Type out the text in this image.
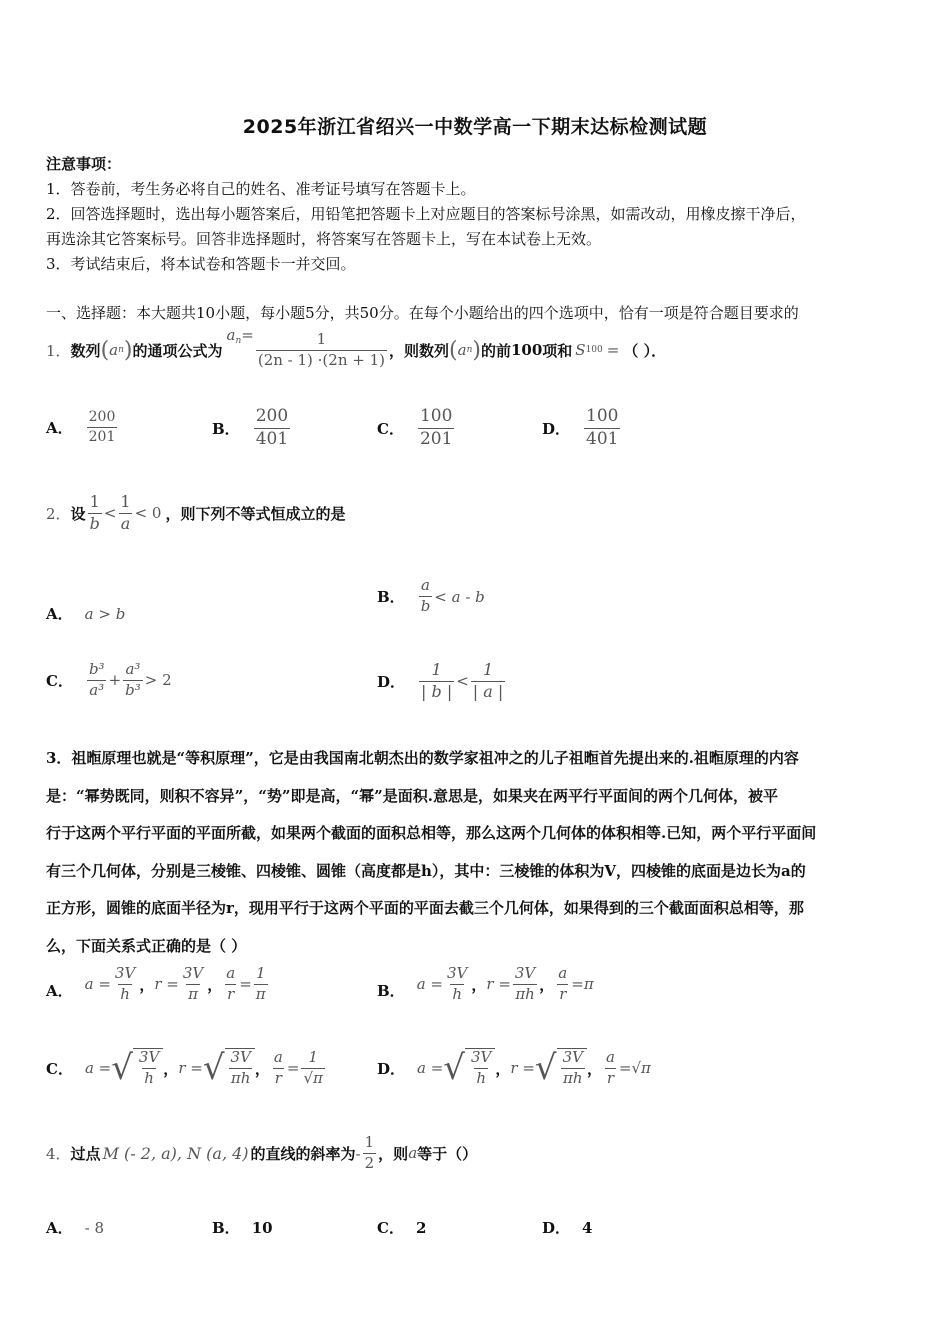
2025年浙江省绍兴一中数学高一下期末达标检测试题
注意事项：
1．答卷前，考生务必将自己的姓名、准考证号填写在答题卡上。
2．回答选择题时，选出每小题答案后，用铅笔把答题卡上对应题目的答案标号涂黑，如需改动，用橡皮擦干净后，
再选涂其它答案标号。回答非选择题时，将答案写在答题卡上，写在本试卷上无效。
3．考试结束后，将本试卷和答题卡一并交回。
一、选择题：本大题共10小题，每小题5分，共50分。在每个小题给出的四个选项中，恰有一项是符合题目要求的
1． 数列 ( a n ) 的通项公式为
$a_n = \frac{1}{(2n - 1) \cdot(2n + 1)}$ ，则数列 ( a n ) 的前 100 项和 S 100 = （ ）．
A． $\frac{200}{201}$	B． $\frac{200}{401}$	C． $\frac{100}{201}$	D． $\frac{100}{401}$
2． 设 $\frac{1}{b} < \frac{1}{a} < 0$ ，则下列不等式恒成立的是
A． a > b
B． $\frac{a}{b} < a - b$
C． $\frac{\text{b³}}{\text{a³}} + \frac{\text{a³}}{\text{b³}} > 2$	D． $\frac{1}{| b |} < \frac{1}{| a |}$
3．祖暅原理也就是“等积原理”，它是由我国南北朝杰出的数学家祖冲之的儿子祖暅首先提出来的.祖暅原理的内容
是：“幂势既同，则积不容异”，“势”即是高，“幂”是面积.意思是，如果夹在两平行平面间的两个几何体，被平
行于这两个平行平面的平面所截，如果两个截面的面积总相等，那么这两个几何体的体积相等.已知，两个平行平面间
有三个几何体，分别是三棱锥、四棱锥、圆锥（高度都是h），其中：三棱锥的体积为V，四棱锥的底面是边长为a的
正方形，圆锥的底面半径为r，现用平行于这两个平面的平面去截三个几何体，如果得到的三个截面面积总相等，那
么，下面关系式正确的是（ ）
A． $a = \frac{3V}{h}$ ， $r = \frac{3V}{\pi}$ ， $\frac{a}{r} = \frac{1}{\pi}$	B． $a = \frac{3V}{h}$ ， $r = \frac{3V}{\pi h}$ ， $\frac{a}{r} = \pi$
C． a = √ $\frac{3V}{h}$ ， r = √ $\frac{3V}{\pi h}$ ， $\frac{a}{r} = \frac{1}{√\pi}$	D． a = √ $\frac{3V}{h}$ ， r = √ $\frac{3V}{\pi h}$ ， $\frac{a}{r} = √\pi$
4． 过点 M (- 2, a), N (a, 4) 的直线的斜率为 - $\frac{1}{2}$ ，则 a 等于（）
A． - 8	B． 10	C． 2	D． 4
